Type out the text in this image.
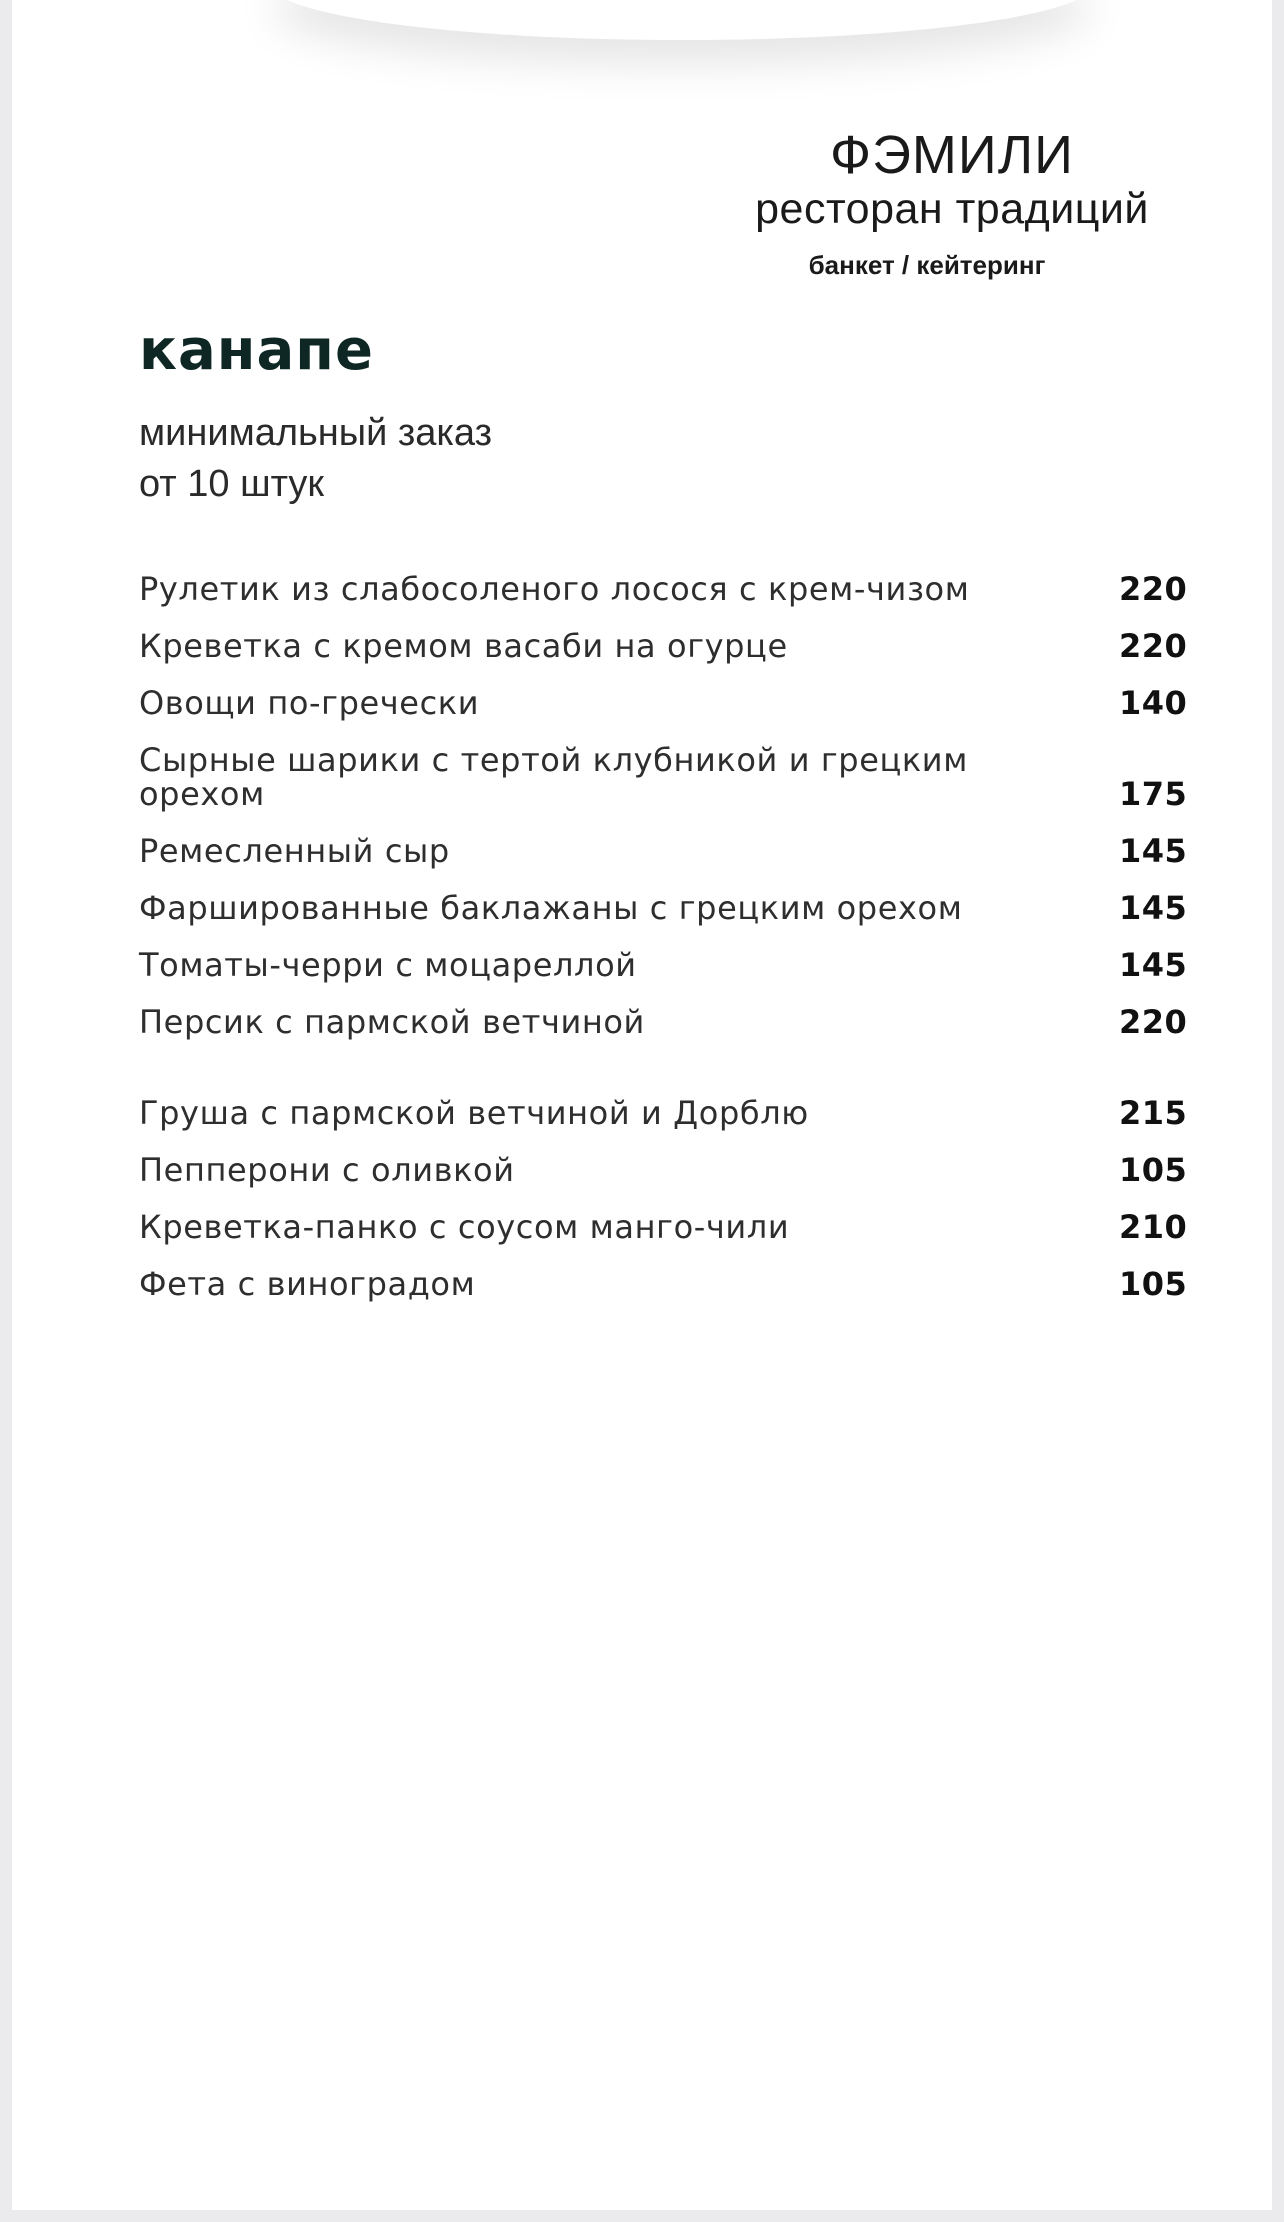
ФЭМИЛИ
ресторан традиций
банкет / кейтеринг
канапе
минимальный заказ
от 10 штук
Рулетик из слабосоленого лосося с крем-чизом	220
Креветка с кремом васаби на огурце	220
Овощи по-гречески	140
Сырные шарики с тертой клубникой и грецким орехом	175
Ремесленный сыр	145
Фаршированные баклажаны с грецким орехом	145
Томаты-черри с моцареллой	145
Персик с пармской ветчиной	220
Груша с пармской ветчиной и Дорблю	215
Пепперони с оливкой	105
Креветка-панко с соусом манго-чили	210
Фета с виноградом	105
